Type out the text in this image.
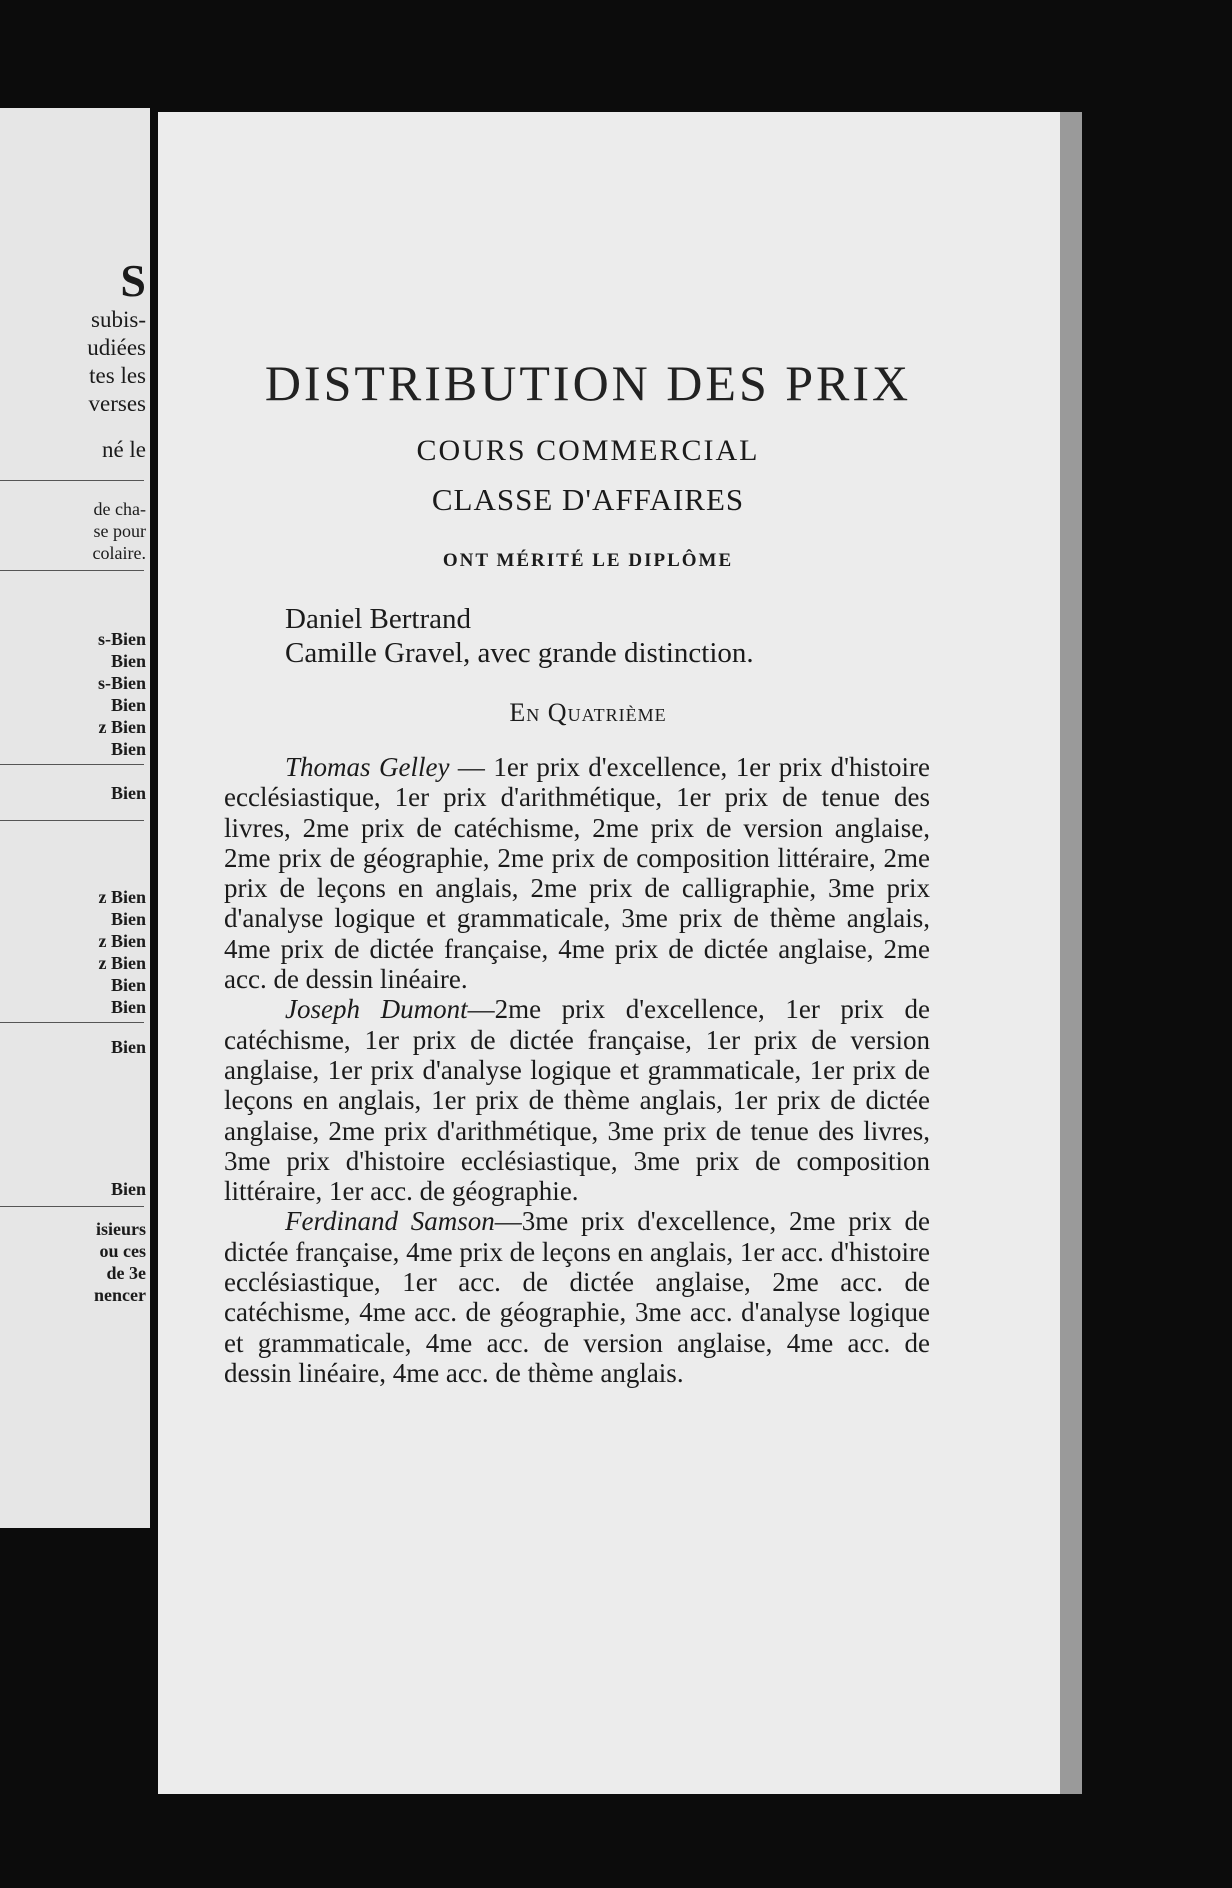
S
subis-
udiées
tes les
verses
né le
de cha-
se pour
colaire.
s-Bien
Bien
s-Bien
Bien
z Bien
Bien
Bien
z Bien
Bien
z Bien
z Bien
Bien
Bien
Bien
Bien
isieurs
ou ces
de 3e
nencer
DISTRIBUTION DES PRIX
COURS COMMERCIAL
CLASSE D'AFFAIRES
ONT MÉRITÉ LE DIPLÔME
Daniel Bertrand
Camille Gravel, avec grande distinction.
En Quatrième

Thomas Gelley — 1er prix d'excellence, 1er prix d'histoire ecclésiastique, 1er prix d'arithmétique, 1er prix de tenue des livres, 2me prix de catéchisme, 2me prix de version anglaise, 2me prix de géographie, 2me prix de composition littéraire, 2me prix de leçons en anglais, 2me prix de calligraphie, 3me prix d'analyse logique et grammaticale, 3me prix de thème anglais, 4me prix de dictée française, 4me prix de dictée anglaise, 2me acc. de dessin linéaire.

Joseph Dumont—2me prix d'excellence, 1er prix de catéchisme, 1er prix de dictée française, 1er prix de version anglaise, 1er prix d'analyse logique et grammaticale, 1er prix de leçons en anglais, 1er prix de thème anglais, 1er prix de dictée anglaise, 2me prix d'arithmétique, 3me prix de tenue des livres, 3me prix d'histoire ecclésiastique, 3me prix de composition littéraire, 1er acc. de géographie.

Ferdinand Samson—3me prix d'excellence, 2me prix de dictée française, 4me prix de leçons en anglais, 1er acc. d'histoire ecclésiastique, 1er acc. de dictée anglaise, 2me acc. de catéchisme, 4me acc. de géographie, 3me acc. d'analyse logique et grammaticale, 4me acc. de version anglaise, 4me acc. de dessin linéaire, 4me acc. de thème anglais.
